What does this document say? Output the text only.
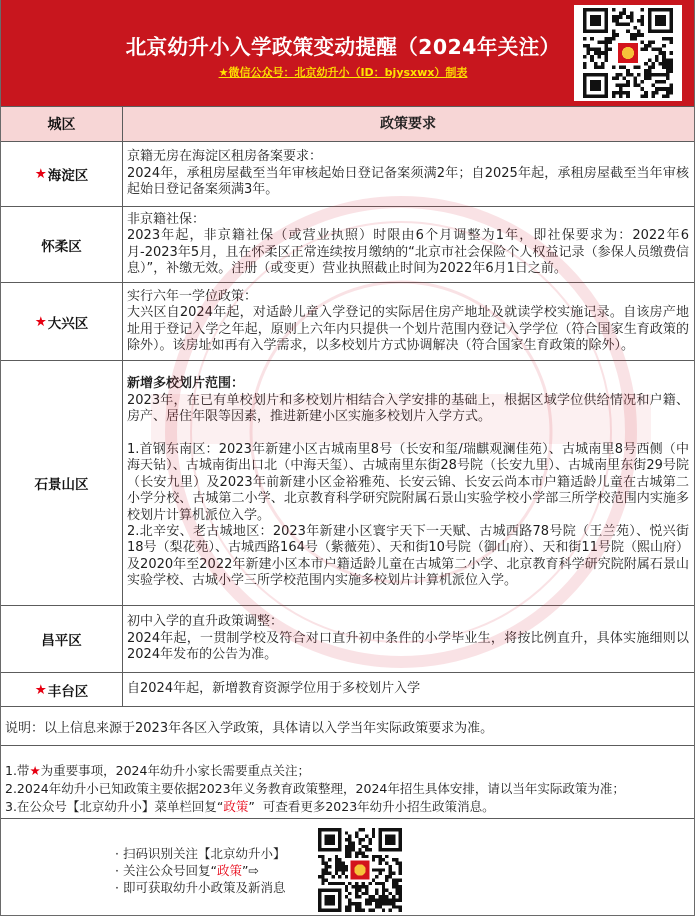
北京幼升小入学政策变动提醒（2024年关注）
★微信公众号：北京幼升小（ID：bjysxwx）制表
城区	政策要求
★ 海淀区

京籍无房在海淀区租房备案要求：

2024年，承租房屋截至当年审核起始日登记备案须满2年；自2025年起，承租房屋截至当年审核起始日登记备案须满3年。

怀柔区

非京籍社保：

2023年起，非京籍社保（或营业执照）时限由6个月调整为1年，即社保要求为：2022年6月-2023年5月，且在怀柔区正常连续按月缴纳的“北京市社会保险个人权益记录（参保人员缴费信息）”，补缴无效。注册（或变更）营业执照截止时间为2022年6月1日之前。

★ 大兴区

实行六年一学位政策：

大兴区自2024年起，对适龄儿童入学登记的实际居住房产地址及就读学校实施记录。自该房产地址用于登记入学之年起，原则上六年内只提供一个划片范围内登记入学学位（符合国家生育政策的除外）。该房址如再有入学需求，以多校划片方式协调解决（符合国家生育政策的除外）。

石景山区

新增多校划片范围：

2023年，在已有单校划片和多校划片相结合入学安排的基础上，根据区域学位供给情况和户籍、房产、居住年限等因素，推进新建小区实施多校划片入学方式。

1.首钢东南区：2023年新建小区古城南里8号（长安和玺/瑞麒观澜佳苑）、古城南里8号西侧（中海天钻）、古城南街出口北（中海天玺）、古城南里东街28号院（长安九里）、古城南里东街29号院（长安九里）及2023年前新建小区金裕雅苑、长安云锦、长安云尚本市户籍适龄儿童在古城第二小学分校、古城第二小学、北京教育科学研究院附属石景山实验学校小学部三所学校范围内实施多校划片计算机派位入学。

2.北辛安、老古城地区：2023年新建小区寰宇天下一天赋、古城西路78号院（王兰苑）、悦兴街18号（梨花苑）、古城西路164号（紫薇苑）、天和街10号院（御山府）、天和街11号院（熙山府）及2020年至2022年新建小区本市户籍适龄儿童在古城第二小学、北京教育科学研究院附属石景山实验学校、古城小学三所学校范围内实施多校划片计算机派位入学。

昌平区

初中入学的直升政策调整：

2024年起，一贯制学校及符合对口直升初中条件的小学毕业生，将按比例直升，具体实施细则以2024年发布的公告为准。

★ 丰台区	自2024年起，新增教育资源学位用于多校划片入学

说明：以上信息来源于2023年各区入学政策，具体请以入学当年实际政策要求为准。

1.带★为重要事项，2024年幼升小家长需要重点关注；

2.2024年幼升小已知政策主要依据2023年义务教育政策整理，2024年招生具体安排，请以当年实际政策为准；

3.在公众号【北京幼升小】菜单栏回复“政策”  可查看更多2023年幼升小招生政策消息。

· 扫码识别关注【北京幼升小】

· 关注公众号回复“政策”⇨

· 即可获取幼升小政策及新消息
